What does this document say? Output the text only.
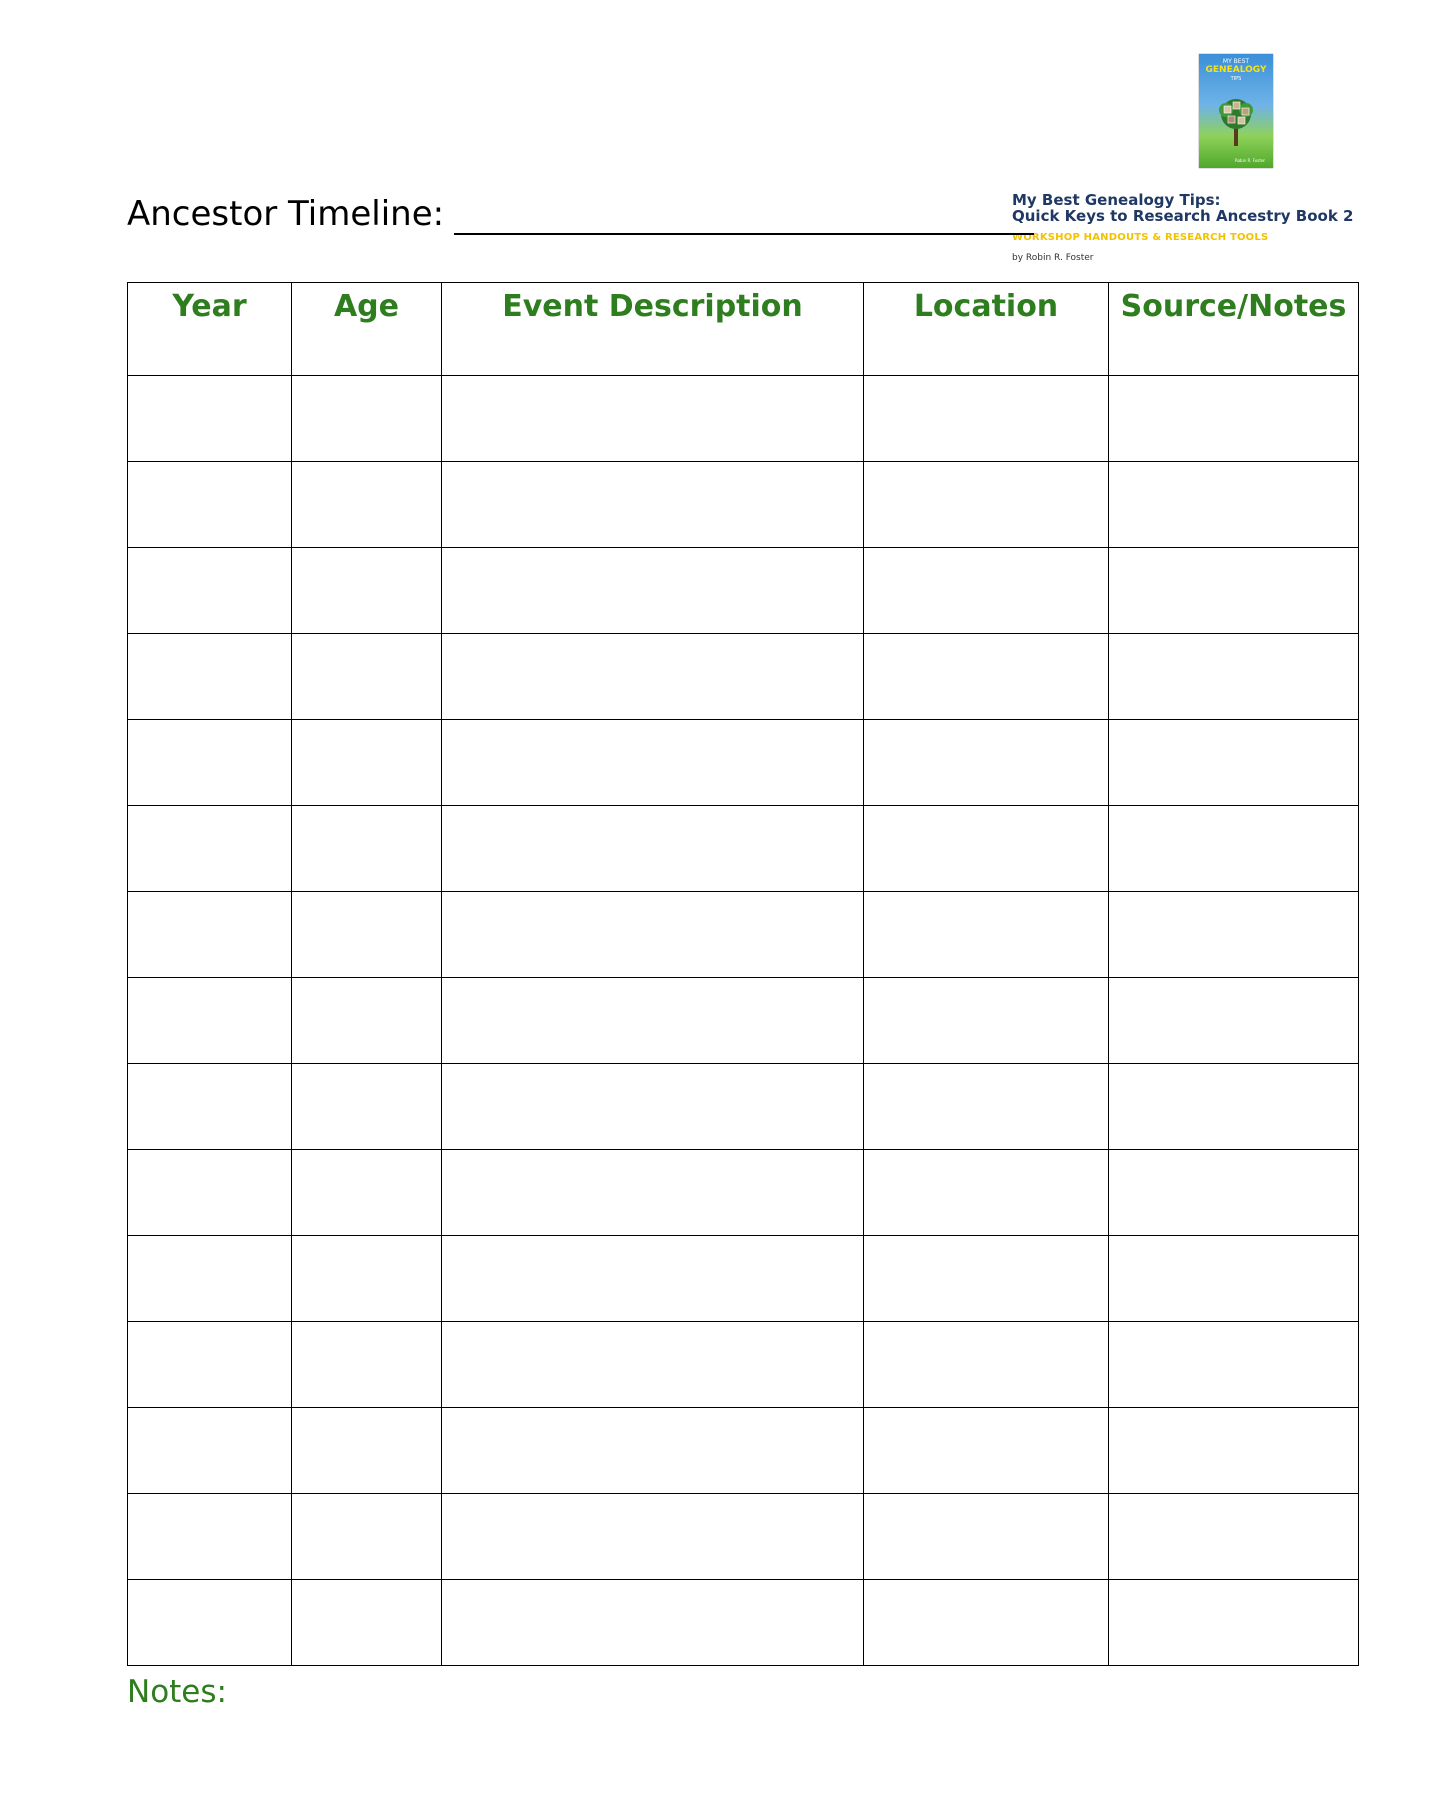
MY BEST
GENEALOGY
TIPS
Robin R. Foster
My Best Genealogy Tips:
Quick Keys to Research Ancestry Book 2
WORKSHOP HANDOUTS & RESEARCH TOOLS
by Robin R. Foster
Ancestor Timeline:
Year	Age	Event Description	Location	Source/Notes

Notes:
